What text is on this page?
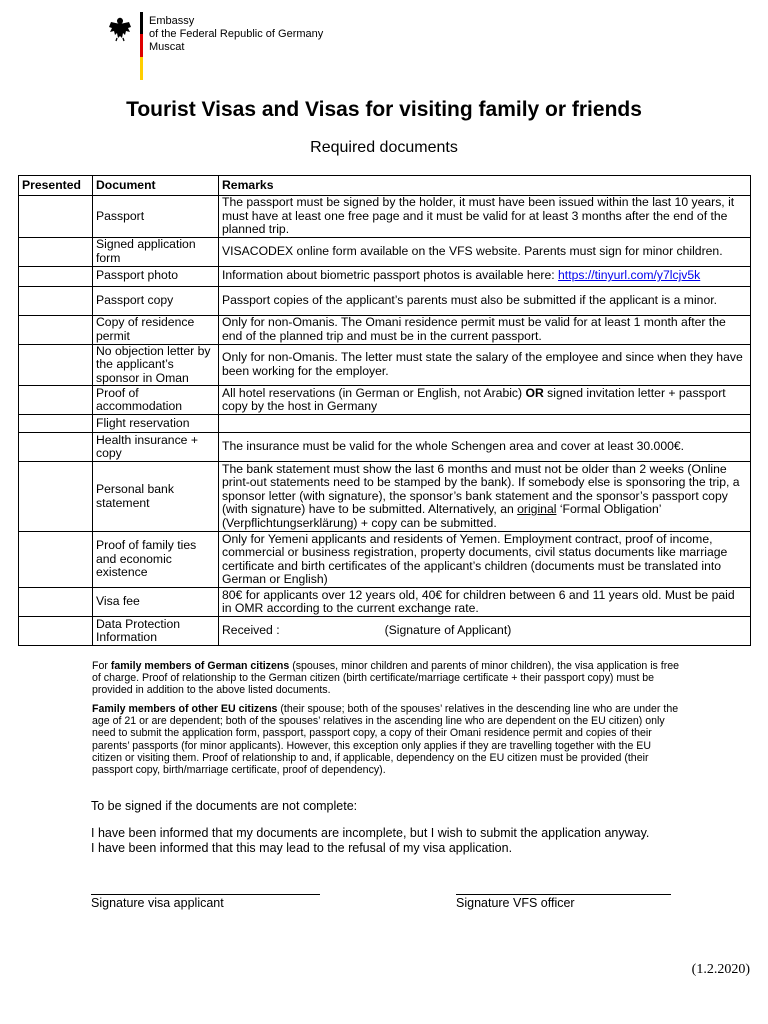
Embassy
of the Federal Republic of Germany
Muscat
Tourist Visas and Visas for visiting family or friends
Required documents
Presented	Document	Remarks
	Passport	The passport must be signed by the holder, it must have been issued within the last 10 years, it must have at least one free page and it must be valid for at least 3 months after the end of the planned trip.
	Signed application form	VISACODEX online form available on the VFS website. Parents must sign for minor children.
	Passport photo	Information about biometric passport photos is available here: https://tinyurl.com/y7lcjv5k
	Passport copy	Passport copies of the applicant’s parents must also be submitted if the applicant is a minor.
	Copy of residence permit	Only for non-Omanis. The Omani residence permit must be valid for at least 1 month after the end of the planned trip and must be in the current passport.
	No objection letter by the applicant’s sponsor in Oman	Only for non-Omanis. The letter must state the salary of the employee and since when they have been working for the employer.
	Proof of accommodation	All hotel reservations (in German or English, not Arabic) OR signed invitation letter + passport copy by the host in Germany
	Flight reservation	
	Health insurance + copy	The insurance must be valid for the whole Schengen area and cover at least 30.000€.
	Personal bank statement	The bank statement must show the last 6 months and must not be older than 2 weeks (Online print-out statements need to be stamped by the bank). If somebody else is sponsoring the trip, a sponsor letter (with signature), the sponsor’s bank statement and the sponsor’s passport copy (with signature) have to be submitted. Alternatively, an original ‘Formal Obligation’ (Verpflichtungserklärung) + copy can be submitted.
	Proof of family ties and economic existence	Only for Yemeni applicants and residents of Yemen. Employment contract, proof of income, commercial or business registration, property documents, civil status documents like marriage certificate and birth certificates of the applicant’s children (documents must be translated into German or English)
	Visa fee	80€ for applicants over 12 years old, 40€ for children between 6 and 11 years old. Must be paid in OMR according to the current exchange rate.
	Data Protection Information	Received : (Signature of Applicant)

For family members of German citizens (spouses, minor children and parents of minor children), the visa application is free of charge. Proof of relationship to the German citizen (birth certificate/marriage certificate + their passport copy) must be provided in addition to the above listed documents.

Family members of other EU citizens (their spouse; both of the spouses’ relatives in the descending line who are under the age of 21 or are dependent; both of the spouses’ relatives in the ascending line who are dependent on the EU citizen) only need to submit the application form, passport, passport copy, a copy of their Omani residence permit and copies of their parents’ passports (for minor applicants). However, this exception only applies if they are travelling together with the EU citizen or visiting them. Proof of relationship to and, if applicable, dependency on the EU citizen must be provided (their passport copy, birth/marriage certificate, proof of dependency).

To be signed if the documents are not complete:

I have been informed that my documents are incomplete, but I wish to submit the application anyway.

I have been informed that this may lead to the refusal of my visa application.

Signature visa applicant	Signature VFS officer
(1.2.2020)
